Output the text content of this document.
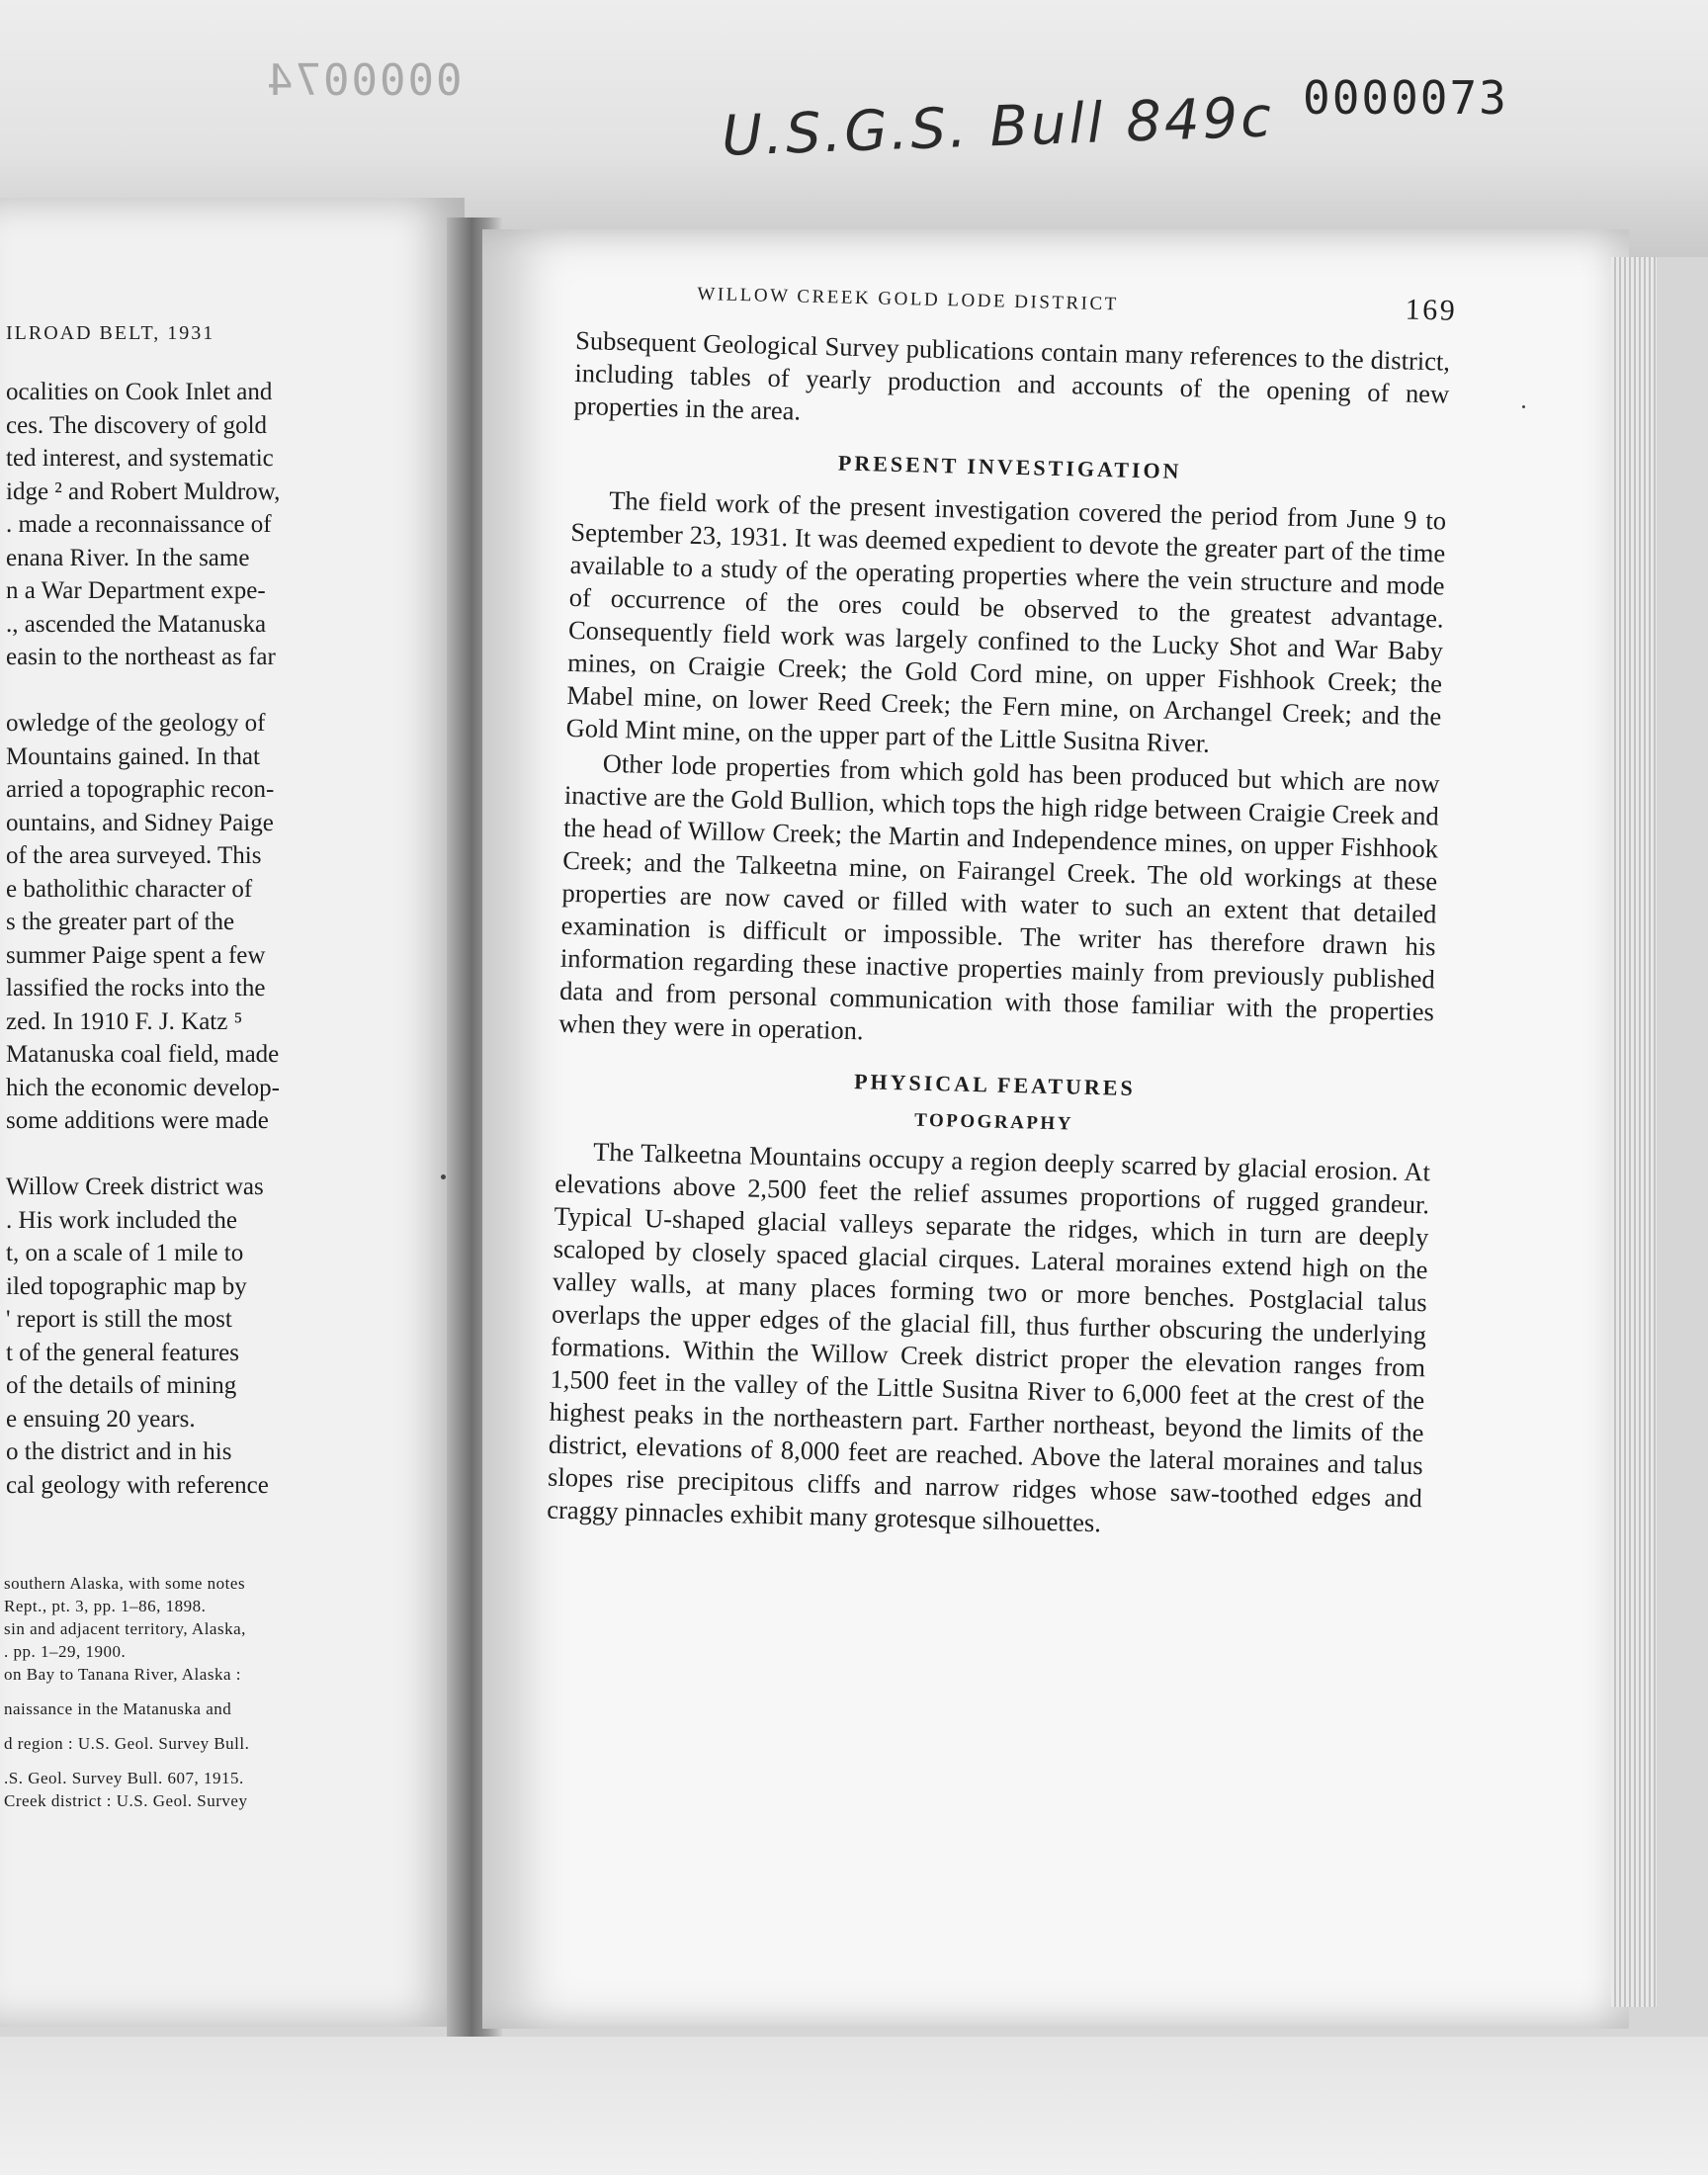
0000074
U.S.G.S. Bull 849c 0000073
ILROAD BELT, 1931
ocalities on Cook Inlet and
ces. The discovery of gold
ted interest, and systematic
idge ² and Robert Muldrow,
. made a reconnaissance of
enana River. In the same
n a War Department expe-
., ascended the Matanuska
easin to the northeast as far
owledge of the geology of
Mountains gained. In that
arried a topographic recon-
ountains, and Sidney Paige
of the area surveyed. This
e batholithic character of
s the greater part of the
summer Paige spent a few
lassified the rocks into the
zed. In 1910 F. J. Katz ⁵
Matanuska coal field, made
hich the economic develop-
some additions were made
Willow Creek district was
. His work included the
t, on a scale of 1 mile to
iled topographic map by
' report is still the most
t of the general features
of the details of mining
e ensuing 20 years.
o the district and in his
cal geology with reference
southern Alaska, with some notes
Rept., pt. 3, pp. 1–86, 1898.
sin and adjacent territory, Alaska,
. pp. 1–29, 1900.
on Bay to Tanana River, Alaska :
naissance in the Matanuska and
d region : U.S. Geol. Survey Bull.
.S. Geol. Survey Bull. 607, 1915.
Creek district : U.S. Geol. Survey
WILLOW CREEK GOLD LODE DISTRICT	169

Subsequent Geological Survey publications contain many references to the district, including tables of yearly production and accounts of the opening of new properties in the area.

PRESENT INVESTIGATION

The field work of the present investigation covered the period from June 9 to September 23, 1931. It was deemed expedient to devote the greater part of the time available to a study of the operating properties where the vein structure and mode of occurrence of the ores could be observed to the greatest advantage. Consequently field work was largely confined to the Lucky Shot and War Baby mines, on Craigie Creek; the Gold Cord mine, on upper Fishhook Creek; the Mabel mine, on lower Reed Creek; the Fern mine, on Archangel Creek; and the Gold Mint mine, on the upper part of the Little Susitna River.

Other lode properties from which gold has been produced but which are now inactive are the Gold Bullion, which tops the high ridge between Craigie Creek and the head of Willow Creek; the Martin and Independence mines, on upper Fishhook Creek; and the Talkeetna mine, on Fairangel Creek. The old workings at these properties are now caved or filled with water to such an extent that detailed examination is difficult or impossible. The writer has therefore drawn his information regarding these inactive properties mainly from previously published data and from personal communication with those familiar with the properties when they were in operation.

PHYSICAL FEATURES
TOPOGRAPHY

The Talkeetna Mountains occupy a region deeply scarred by glacial erosion. At elevations above 2,500 feet the relief assumes proportions of rugged grandeur. Typical U-shaped glacial valleys separate the ridges, which in turn are deeply scaloped by closely spaced glacial cirques. Lateral moraines extend high on the valley walls, at many places forming two or more benches. Postglacial talus overlaps the upper edges of the glacial fill, thus further obscuring the underlying formations. Within the Willow Creek district proper the elevation ranges from 1,500 feet in the valley of the Little Susitna River to 6,000 feet at the crest of the highest peaks in the northeastern part. Farther northeast, beyond the limits of the district, elevations of 8,000 feet are reached. Above the lateral moraines and talus slopes rise precipitous cliffs and narrow ridges whose saw-toothed edges and craggy pinnacles exhibit many grotesque silhouettes.
